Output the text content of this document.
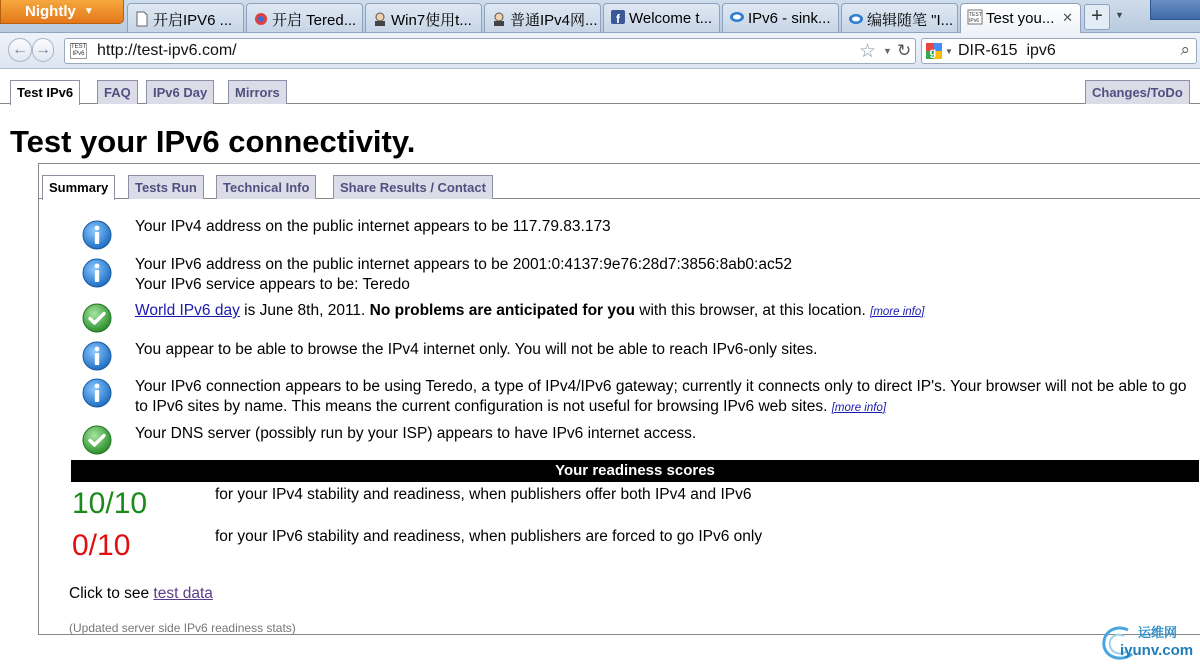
Nightly ▼
开启IPV6 ...	开启 Tered...	Win7使用t...	普通IPv4网... f Welcome t...	IPv6 - sink...	编辑随笔 "I...	TEST
IPv6 Test you... ✕ +	▼
← →	TEST IPv6 http://test-ipv6.com/	☆ ▼ ↻ g ▼ DIR-615  ipv6	⌕
Test IPv6	FAQ	IPv6 Day	Mirrors	Changes/ToDo
Test your IPv6 connectivity.
Summary	Tests Run	Technical Info	Share Results / Contact
Your IPv4 address on the public internet appears to be 117.79.83.173
Your IPv6 address on the public internet appears to be 2001:0:4137:9e76:28d7:3856:8ab0:ac52
Your IPv6 service appears to be: Teredo
World IPv6 day is June 8th, 2011. No problems are anticipated for you with this browser, at this location. [more info]
You appear to be able to browse the IPv4 internet only. You will not be able to reach IPv6-only sites.
Your IPv6 connection appears to be using Teredo, a type of IPv4/IPv6 gateway; currently it connects only to direct IP's. Your browser will not be able to go to IPv6 sites by name. This means the current configuration is not useful for browsing IPv6 web sites. [more info]
Your DNS server (possibly run by your ISP) appears to have IPv6 internet access.
Your readiness scores
10/10	for your IPv4 stability and readiness, when publishers offer both IPv4 and IPv6
0/10	for your IPv6 stability and readiness, when publishers are forced to go IPv6 only
Click to see test data
(Updated server side IPv6 readiness stats)	运维网
iyunv.com
